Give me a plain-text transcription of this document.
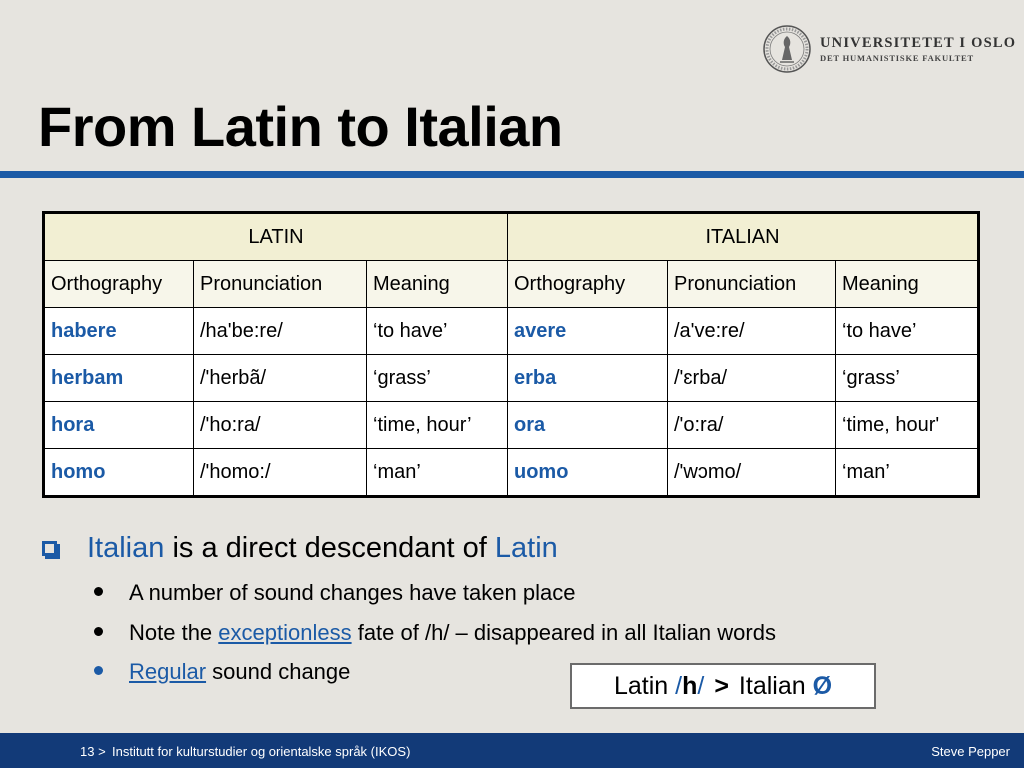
UNIVERSITETET I OSLO
DET HUMANISTISKE FAKULTET
From Latin to Italian
LATIN			ITALIAN		
Orthography	Pronunciation	Meaning	Orthography	Pronunciation	Meaning
habere	/ha'be:re/	‘to have’	avere	/a've:re/	‘to have’
herbam	/'herbã/	‘grass’	erba	/'ɛrba/	‘grass’
hora	/'ho:ra/	‘time, hour’	ora	/'o:ra/	‘time, hour'
homo	/'homo:/	‘man’	uomo	/'wɔmo/	‘man’
Italian is a direct descendant of Latin
A number of sound changes have taken place
Note the exceptionless fate of /h/ – disappeared in all Italian words
Regular sound change	Latin / h / > Italian Ø
13 > Institutt for kulturstudier og orientalske språk (IKOS)	Steve Pepper
